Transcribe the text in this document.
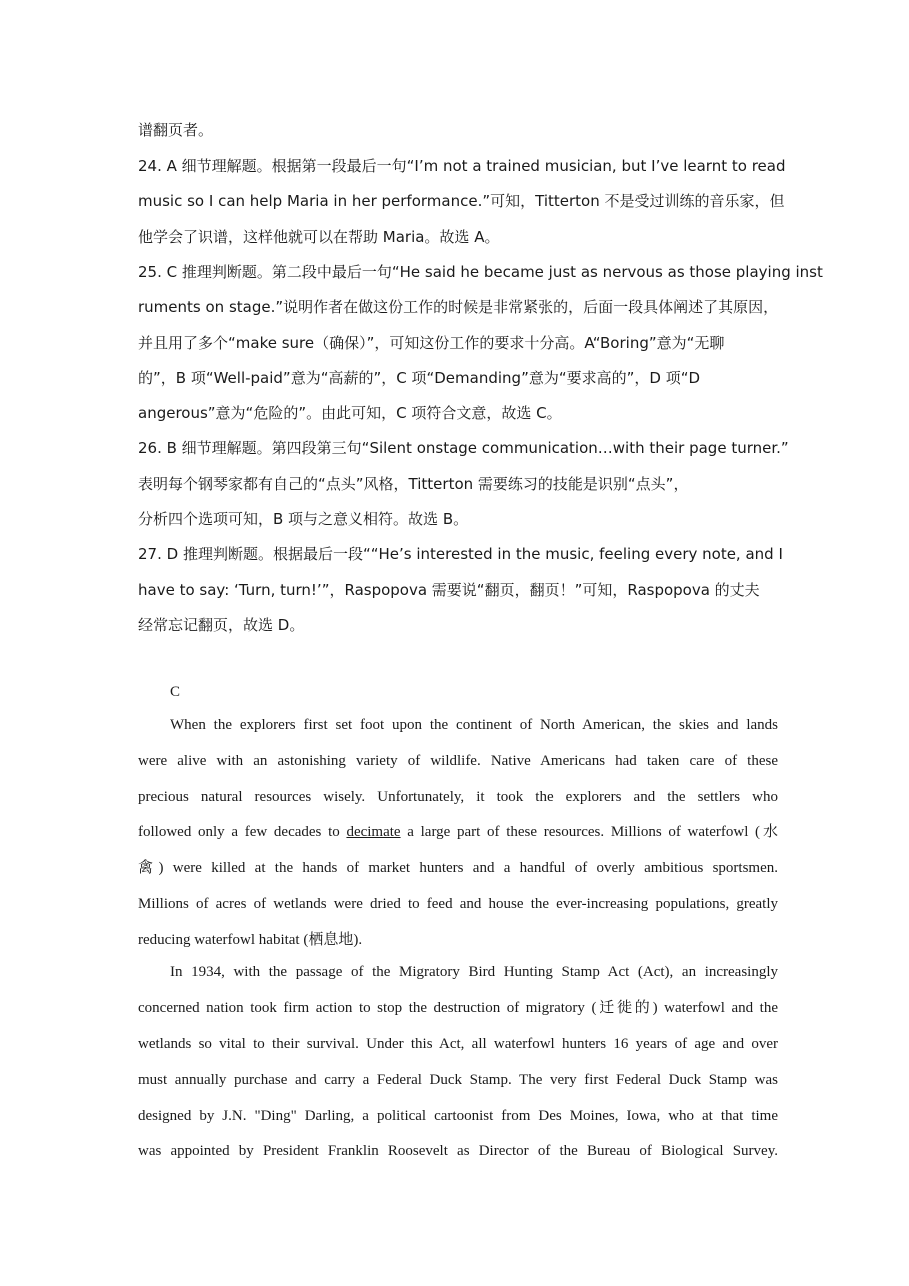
谱翻页者。
24. A 细节理解题。根据第一段最后一句“I’m not a trained musician, but I’ve learnt to read
music so I can help Maria in her performance.”可知，Titterton 不是受过训练的音乐家，但
他学会了识谱，这样他就可以在帮助 Maria。故选 A。
25. C 推理判断题。第二段中最后一句“He said he became just as nervous as those playing inst
ruments on stage.”说明作者在做这份工作的时候是非常紧张的，后面一段具体阐述了其原因，
并且用了多个“make sure（确保）”，可知这份工作的要求十分高。A“Boring”意为“无聊
的”，B 项“Well-paid”意为“高薪的”，C 项“Demanding”意为“要求高的”，D 项“D
angerous”意为“危险的”。由此可知，C 项符合文意，故选 C。
26. B 细节理解题。第四段第三句“Silent onstage communication…with their page turner.”
表明每个钢琴家都有自己的“点头”风格，Titterton 需要练习的技能是识别“点头”，
分析四个选项可知，B 项与之意义相符。故选 B。
27. D 推理判断题。根据最后一段““He’s interested in the music, feeling every note, and I
have to say: ‘Turn, turn!’”，Raspopova 需要说“翻页，翻页！”可知，Raspopova 的丈夫
经常忘记翻页，故选 D。
C
When the explorers first set foot upon the continent of North American, the skies and lands
were alive with an astonishing variety of wildlife. Native Americans had taken care of these
precious natural resources wisely. Unfortunately, it took the explorers and the settlers who
followed only a few decades to decimate a large part of these resources. Millions of waterfowl (水
禽) were killed at the hands of market hunters and a handful of overly ambitious sportsmen.
Millions of acres of wetlands were dried to feed and house the ever-increasing populations, greatly
reducing waterfowl habitat (栖息地).
In 1934, with the passage of the Migratory Bird Hunting Stamp Act (Act), an increasingly
concerned nation took firm action to stop the destruction of migratory (迁徙的) waterfowl and the
wetlands so vital to their survival. Under this Act, all waterfowl hunters 16 years of age and over
must annually purchase and carry a Federal Duck Stamp. The very first Federal Duck Stamp was
designed by J.N. "Ding" Darling, a political cartoonist from Des Moines, Iowa, who at that time
was appointed by President Franklin Roosevelt as Director of the Bureau of Biological Survey.
